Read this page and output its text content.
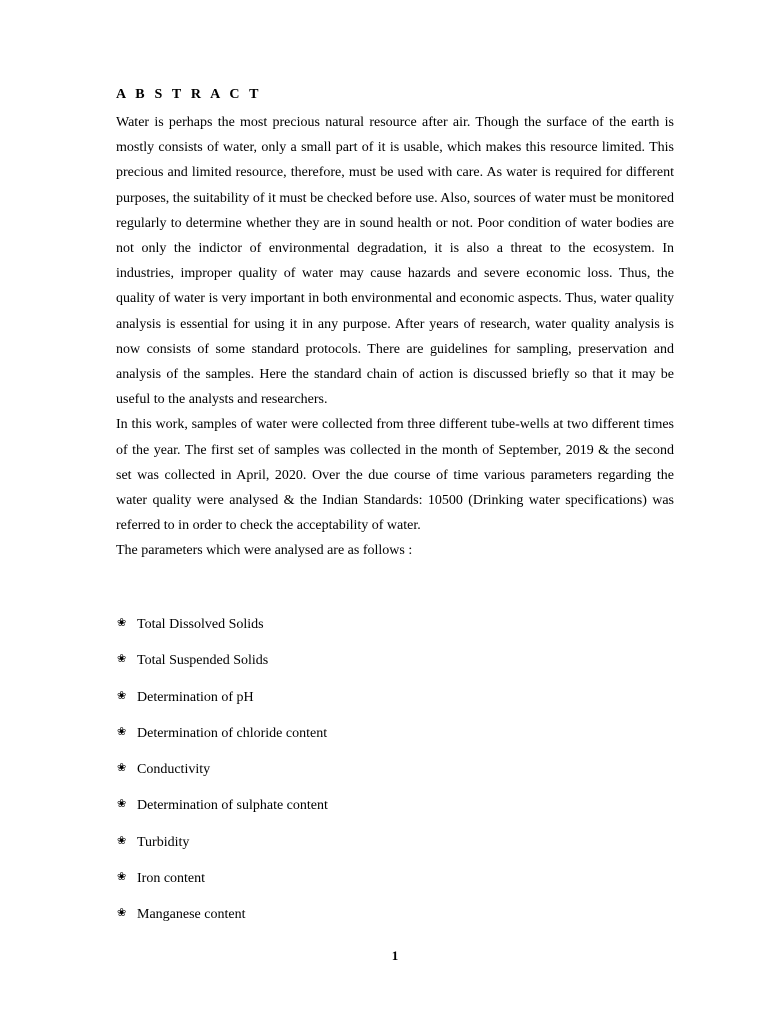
A B S T R A C T

Water is perhaps the most precious natural resource after air. Though the surface of the earth is mostly consists of water, only a small part of it is usable, which makes this resource limited. This precious and limited resource, therefore, must be used with care. As water is required for different purposes, the suitability of it must be checked before use. Also, sources of water must be monitored regularly to determine whether they are in sound health or not. Poor condition of water bodies are not only the indictor of environmental degradation, it is also a threat to the ecosystem. In industries, improper quality of water may cause hazards and severe economic loss. Thus, the quality of water is very important in both environmental and economic aspects. Thus, water quality analysis is essential for using it in any purpose. After years of research, water quality analysis is now consists of some standard protocols. There are guidelines for sampling, preservation and analysis of the samples. Here the standard chain of action is discussed briefly so that it may be useful to the analysts and researchers.

In this work, samples of water were collected from three different tube-wells at two different times of the year. The first set of samples was collected in the month of September, 2019 & the second set was collected in April, 2020. Over the due course of time various parameters regarding the water quality were analysed & the Indian Standards: 10500 (Drinking water specifications) was referred to in order to check the acceptability of water.

The parameters which were analysed are as follows :

❀ Total Dissolved Solids
❀ Total Suspended Solids
❀ Determination of pH
❀ Determination of chloride content
❀ Conductivity
❀ Determination of sulphate content
❀ Turbidity
❀ Iron content
❀ Manganese content
1
